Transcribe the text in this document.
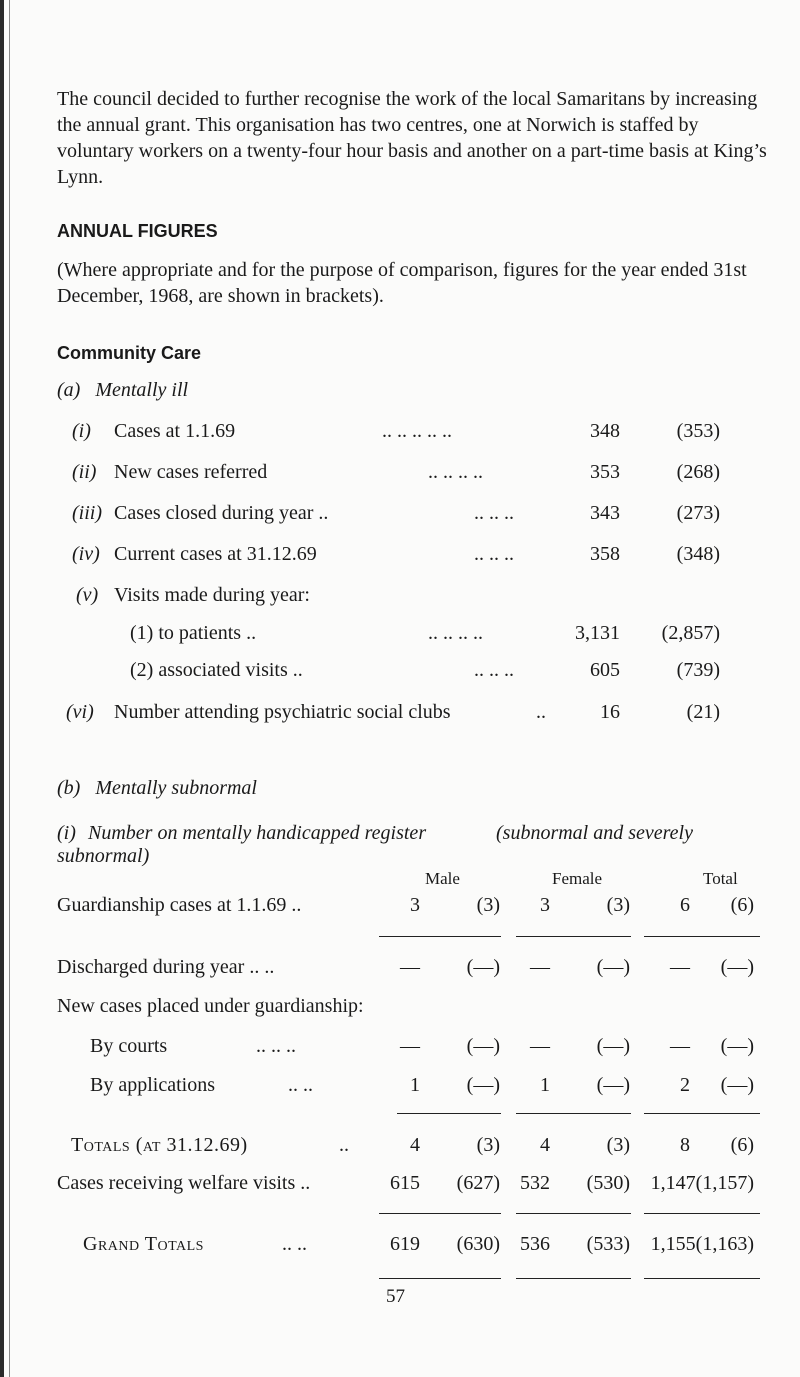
The council decided to further recognise the work of the local Samaritans by increasing the annual grant. This organisation has two centres, one at Norwich is staffed by voluntary workers on a twenty-four hour basis and another on a part-time basis at King’s Lynn.
ANNUAL FIGURES
(Where appropriate and for the purpose of comparison, figures for the year ended 31st December, 1968, are shown in brackets).
Community Care
(a) Mentally ill
(i) Cases at 1.1.69	.. .. .. .. ..	348	(353)
(ii) New cases referred	.. .. .. ..	353	(268)
(iii) Cases closed during year ..	.. .. ..	343	(273)
(iv) Current cases at 31.12.69	.. .. ..	358	(348)
(v) Visits made during year:
(1) to patients ..	.. .. .. ..	3,131	(2,857)
(2) associated visits ..	.. .. ..	605	(739)
(vi) Number attending psychiatric social clubs	..	16	(21)
(b) Mentally subnormal
(i) Number on mentally handicapped register	(subnormal and severely
subnormal)
Male	Female	Total
Guardianship cases at 1.1.69 ..	3	(3)	3	(3)	6	(6)
Discharged during year .. ..	—	(—)	—	(—)	—	(—)
New cases placed under guardianship:
By courts	.. .. ..	—	(—)	—	(—)	—	(—)
By applications	.. ..	1	(—)	1	(—)	2	(—)
Totals (at 31.12.69)	..	4	(3)	4	(3)	8	(6)
Cases receiving welfare visits ..	615	(627)	532	(530)	1,147(1,157)
Grand Totals	.. ..	619	(630)	536	(533)	1,155(1,163)
57
